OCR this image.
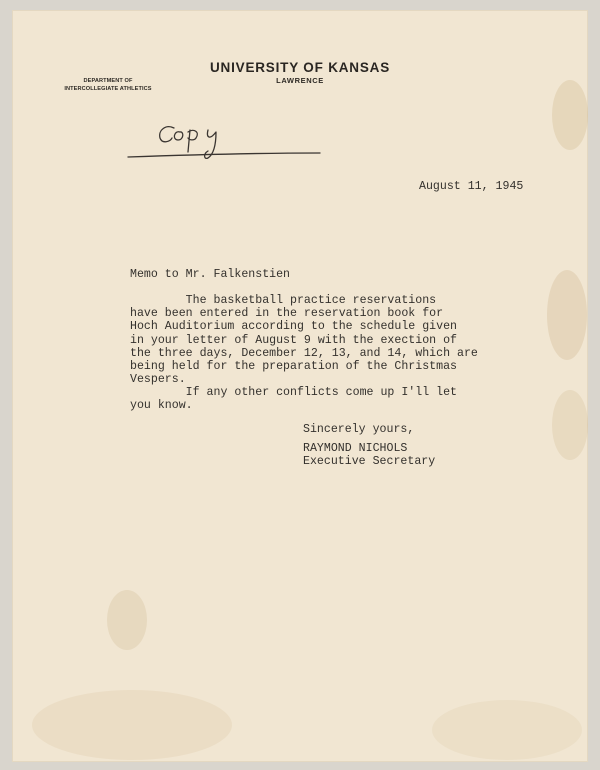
UNIVERSITY OF KANSAS
LAWRENCE
DEPARTMENT OF
INTERCOLLEGIATE ATHLETICS
August 11, 1945
Memo to Mr. Falkenstien
The basketball practice reservations
have been entered in the reservation book for
Hoch Auditorium according to the schedule given
in your letter of August 9 with the exection of
the three days, December 12, 13, and 14, which are
being held for the preparation of the Christmas
Vespers.
If any other conflicts come up I'll let
you know.
Sincerely yours,
RAYMOND NICHOLS
Executive Secretary
